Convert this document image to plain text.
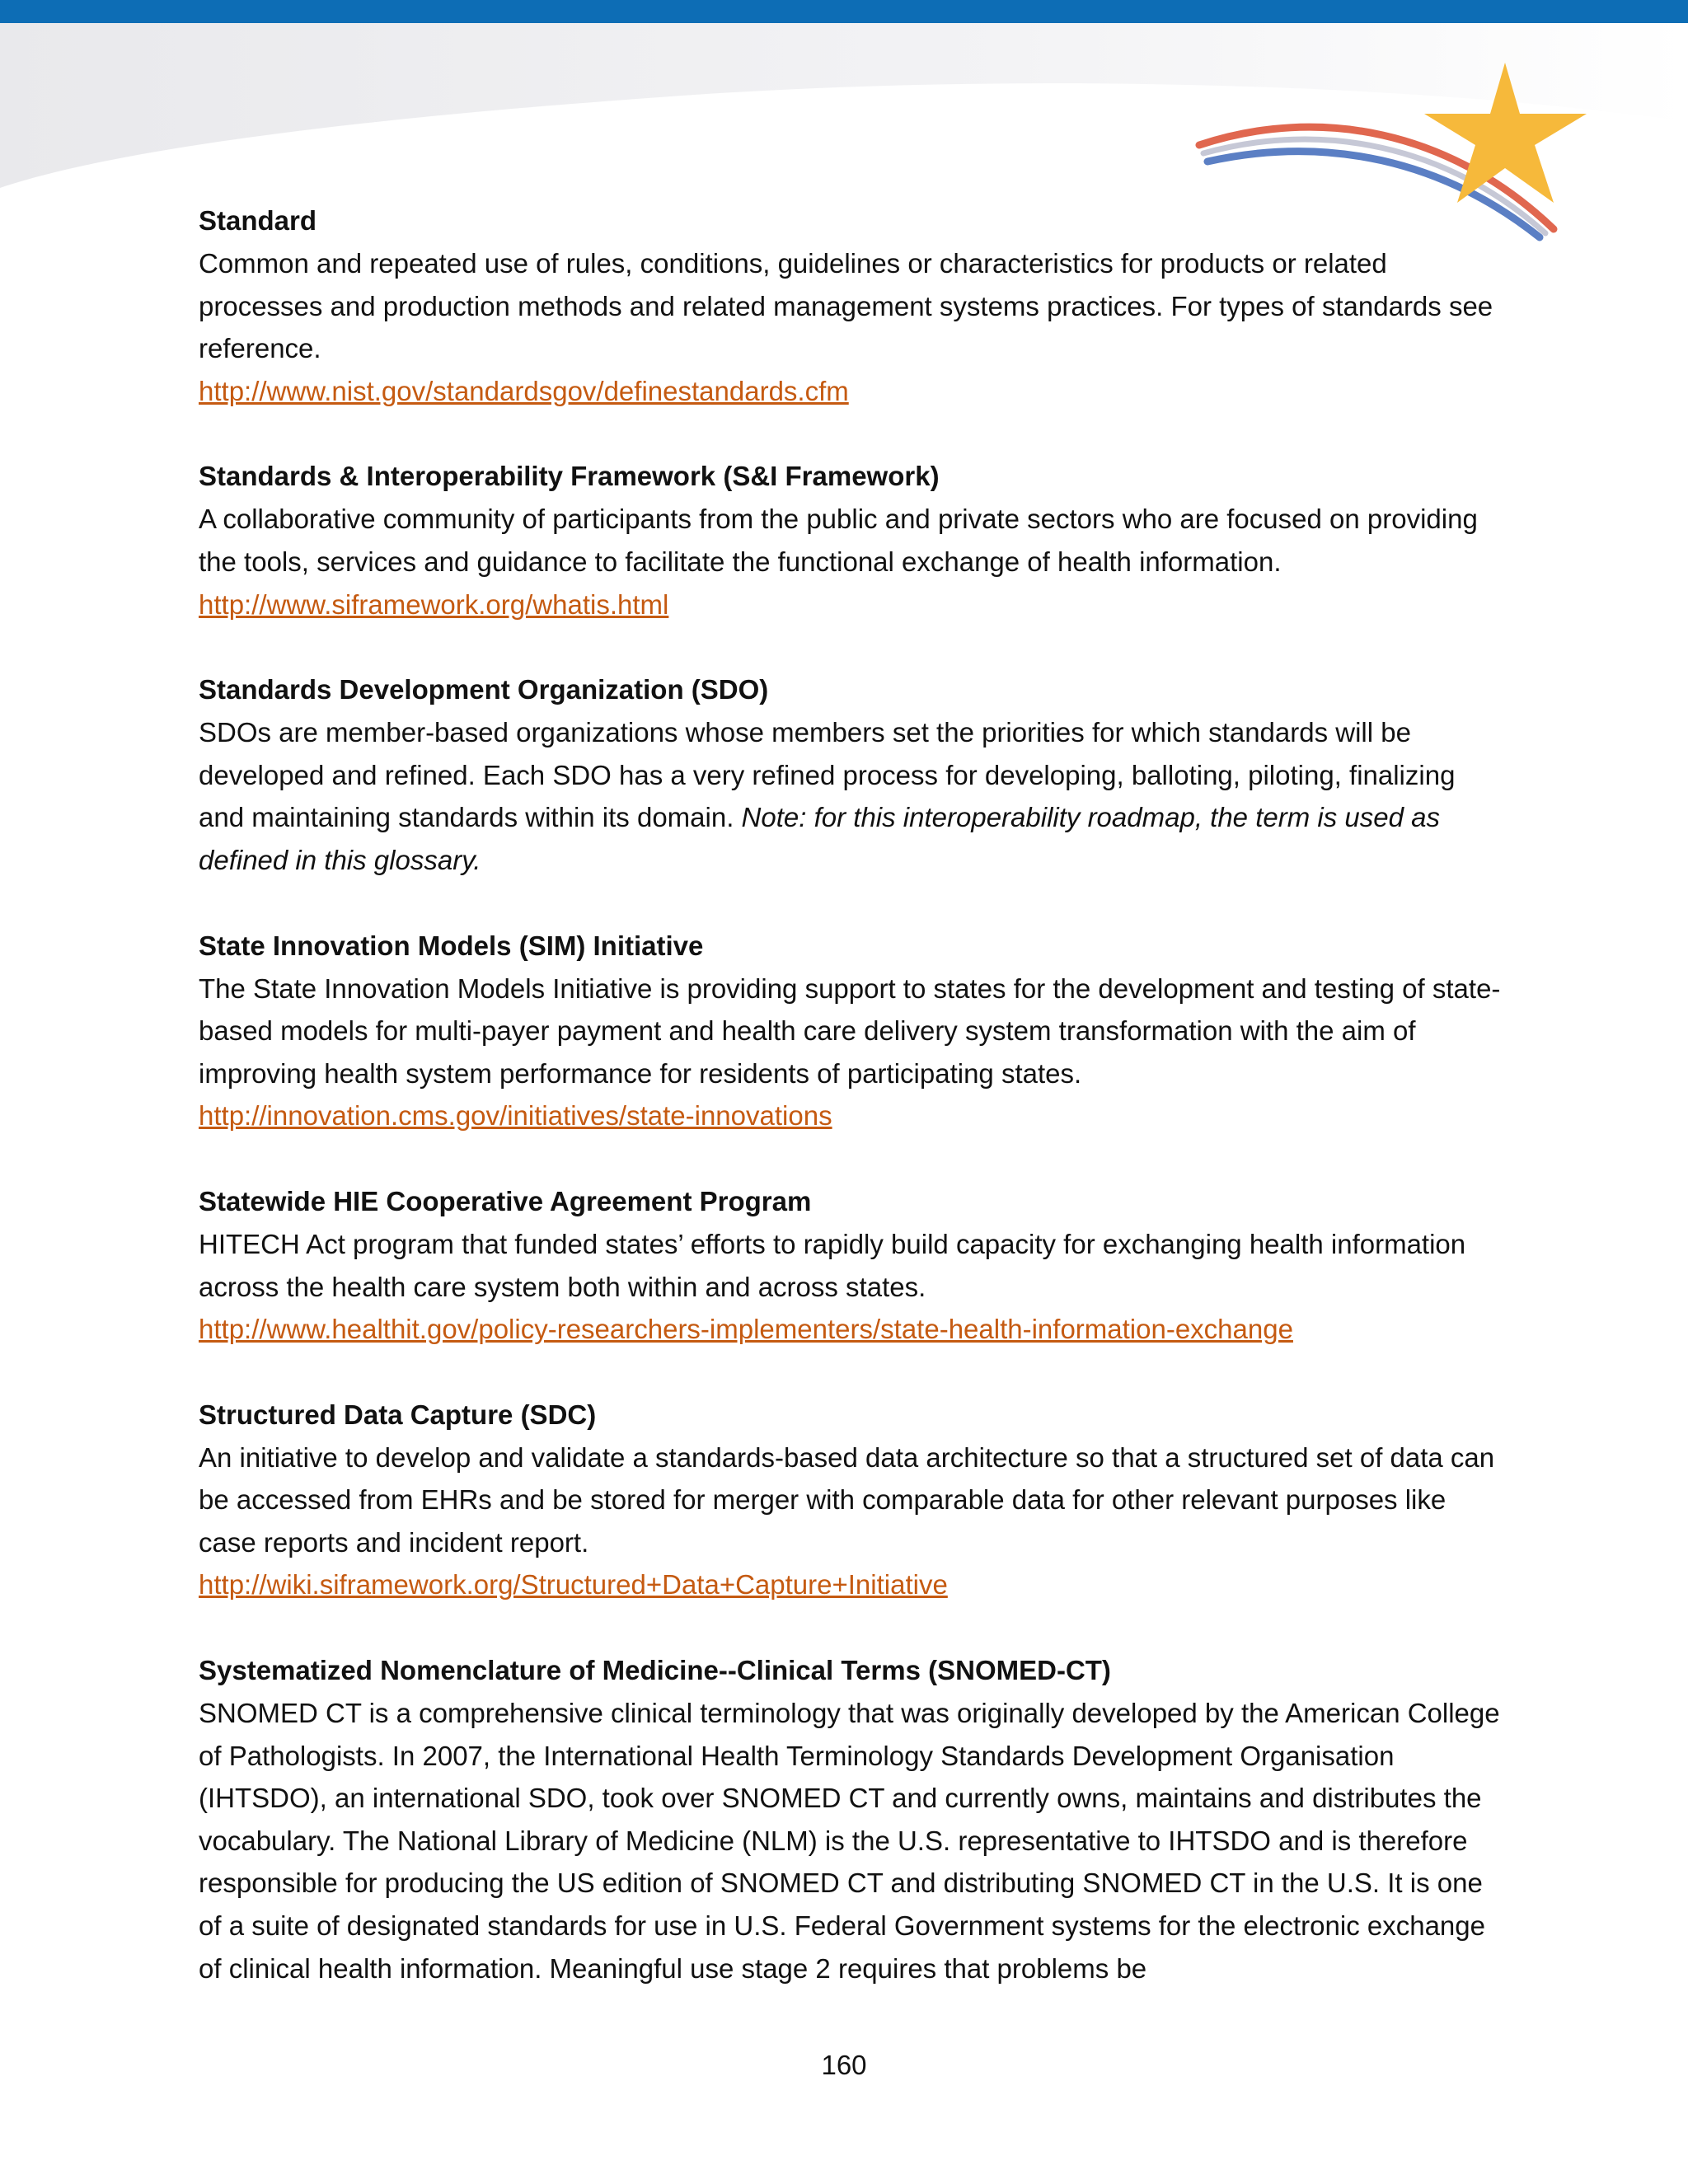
Standard
Common and repeated use of rules, conditions, guidelines or characteristics for products or related processes and production methods and related management systems practices. For types of standards see reference.
http://www.nist.gov/standardsgov/definestandards.cfm
Standards & Interoperability Framework (S&I Framework)
A collaborative community of participants from the public and private sectors who are focused on providing the tools, services and guidance to facilitate the functional exchange of health information.
http://www.siframework.org/whatis.html
Standards Development Organization (SDO)
SDOs are member-based organizations whose members set the priorities for which standards will be developed and refined. Each SDO has a very refined process for developing, balloting, piloting, finalizing and maintaining standards within its domain. Note: for this interoperability roadmap, the term is used as defined in this glossary.
State Innovation Models (SIM) Initiative
The State Innovation Models Initiative is providing support to states for the development and testing of state-based models for multi-payer payment and health care delivery system transformation with the aim of improving health system performance for residents of participating states.
http://innovation.cms.gov/initiatives/state-innovations
Statewide HIE Cooperative Agreement Program
HITECH Act program that funded states’ efforts to rapidly build capacity for exchanging health information across the health care system both within and across states.
http://www.healthit.gov/policy-researchers-implementers/state-health-information-exchange
Structured Data Capture (SDC)
An initiative to develop and validate a standards-based data architecture so that a structured set of data can be accessed from EHRs and be stored for merger with comparable data for other relevant purposes like case reports and incident report.
http://wiki.siframework.org/Structured+Data+Capture+Initiative
Systematized Nomenclature of Medicine--Clinical Terms (SNOMED-CT)
SNOMED CT is a comprehensive clinical terminology that was originally developed by the American College of Pathologists. In 2007, the International Health Terminology Standards Development Organisation (IHTSDO), an international SDO, took over SNOMED CT and currently owns, maintains and distributes the vocabulary. The National Library of Medicine (NLM) is the U.S. representative to IHTSDO and is therefore responsible for producing the US edition of SNOMED CT and distributing SNOMED CT in the U.S. It is one of a suite of designated standards for use in U.S. Federal Government systems for the electronic exchange of clinical health information. Meaningful use stage 2 requires that problems be
160
